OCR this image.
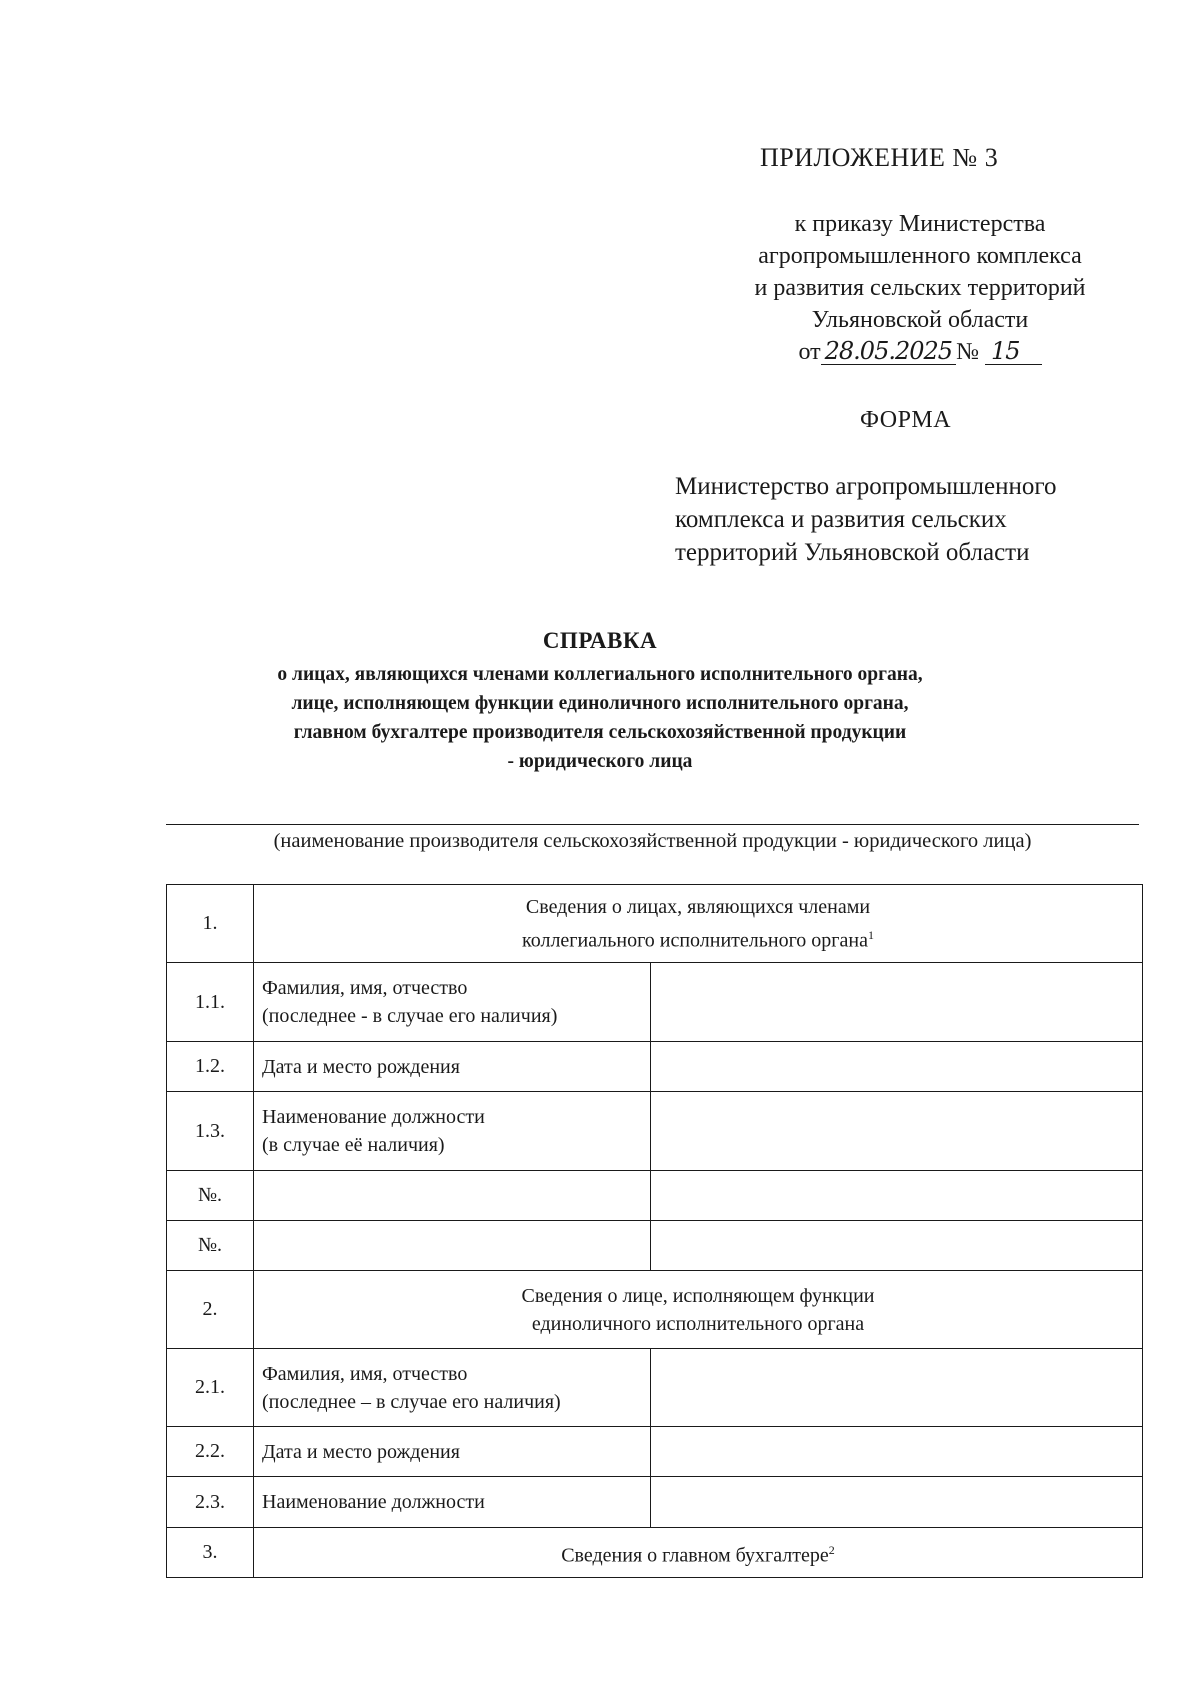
ПРИЛОЖЕНИЕ № 3
к приказу Министерства
агропромышленного комплекса
и развития сельских территорий
Ульяновской области
от 28.05.2025 № 15
ФОРМА
Министерство агропромышленного
комплекса и развития сельских
территорий Ульяновской области
СПРАВКА
о лицах, являющихся членами коллегиального исполнительного органа,
лице, исполняющем функции единоличного исполнительного органа,
главном бухгалтере производителя сельскохозяйственной продукции
- юридического лица
(наименование производителя сельскохозяйственной продукции - юридического лица)
1.	Сведения о лицах, являющихся членами
коллегиального исполнительного органа$^1$

1.1.	Фамилия, имя, отчество
(последнее - в случае его наличия)	

1.2.	Дата и место рождения	

1.3.	Наименование должности
(в случае её наличия)	

№.		
№.		
2.	Сведения о лице, исполняющем функции
единоличного исполнительного органа	

2.1.	Фамилия, имя, отчество
(последнее – в случае его наличия)	

2.2.	Дата и место рождения	

2.3.	Наименование должности	

3.	Сведения о главном бухгалтере$^2$
